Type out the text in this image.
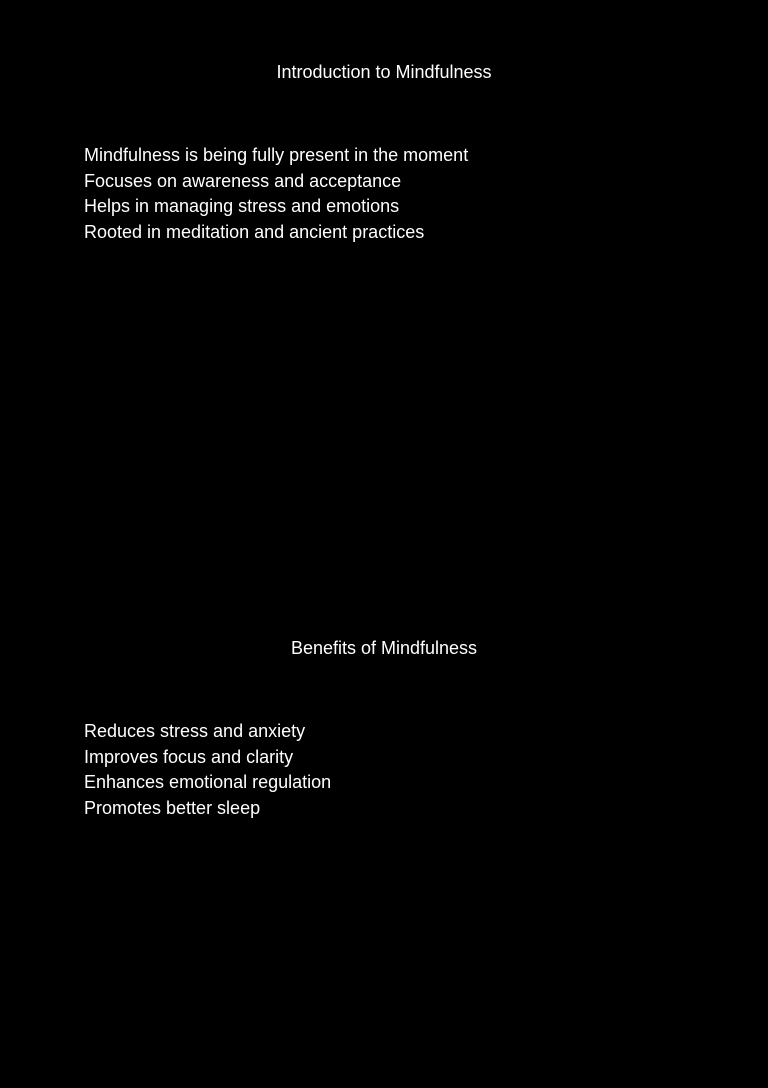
Introduction to Mindfulness
Mindfulness is being fully present in the moment
Focuses on awareness and acceptance
Helps in managing stress and emotions
Rooted in meditation and ancient practices
Benefits of Mindfulness
Reduces stress and anxiety
Improves focus and clarity
Enhances emotional regulation
Promotes better sleep
